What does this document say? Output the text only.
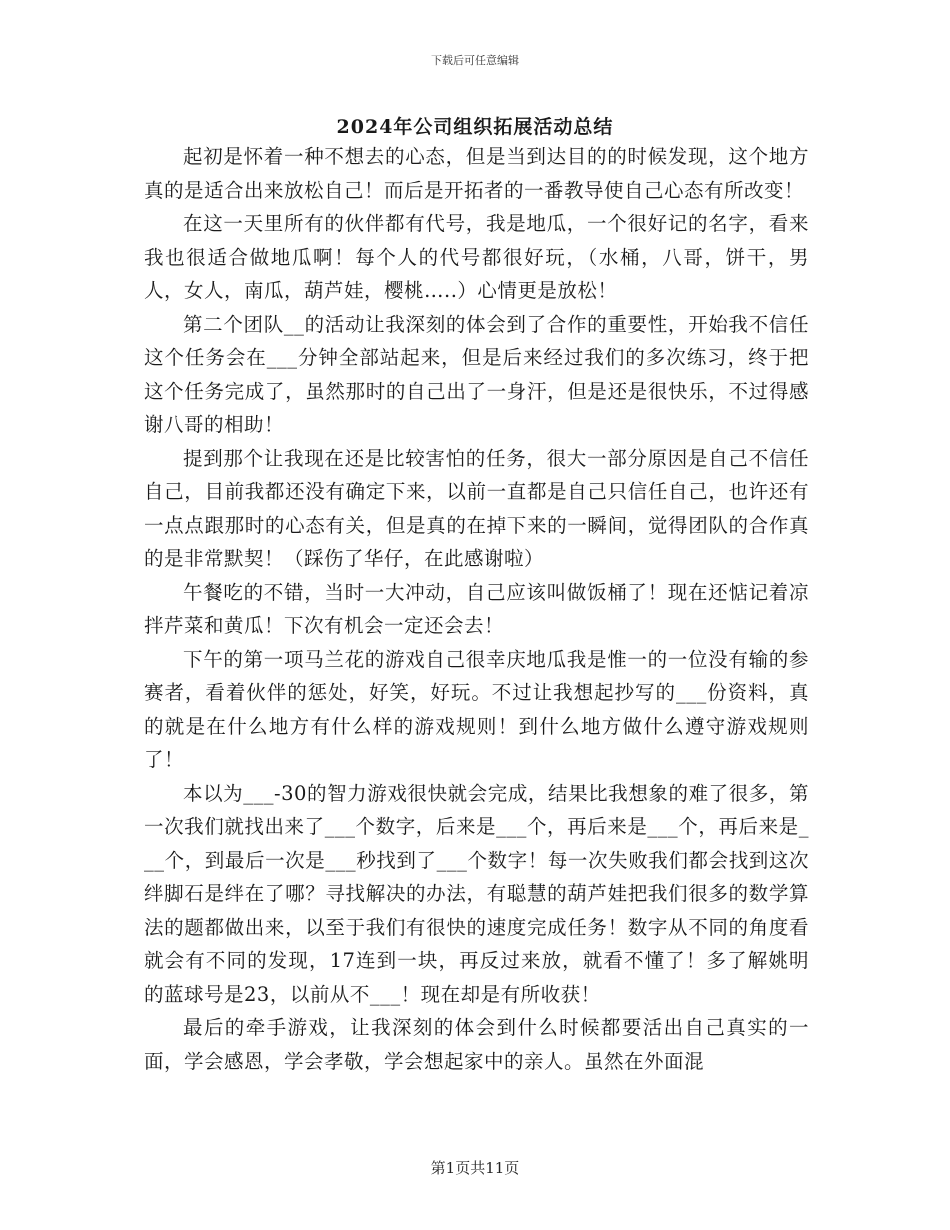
下载后可任意编辑
2024年公司组织拓展活动总结

起初是怀着一种不想去的心态，但是当到达目的的时候发现，这个地方真的是适合出来放松自己！而后是开拓者的一番教导使自己心态有所改变！

在这一天里所有的伙伴都有代号，我是地瓜，一个很好记的名字，看来我也很适合做地瓜啊！每个人的代号都很好玩，（水桶，八哥，饼干，男人，女人，南瓜，葫芦娃，樱桃…..）心情更是放松！

第二个团队__的活动让我深刻的体会到了合作的重要性，开始我不信任这个任务会在___分钟全部站起来，但是后来经过我们的多次练习，终于把这个任务完成了，虽然那时的自己出了一身汗，但是还是很快乐，不过得感谢八哥的相助！

提到那个让我现在还是比较害怕的任务，很大一部分原因是自己不信任自己，目前我都还没有确定下来，以前一直都是自己只信任自己，也许还有一点点跟那时的心态有关，但是真的在掉下来的一瞬间，觉得团队的合作真的是非常默契！（踩伤了华仔，在此感谢啦）

午餐吃的不错，当时一大冲动，自己应该叫做饭桶了！现在还惦记着凉拌芹菜和黄瓜！下次有机会一定还会去！

下午的第一项马兰花的游戏自己很幸庆地瓜我是惟一的一位没有输的参赛者，看着伙伴的惩处，好笑，好玩。不过让我想起抄写的___份资料，真的就是在什么地方有什么样的游戏规则！到什么地方做什么遵守游戏规则了！

本以为___-30的智力游戏很快就会完成，结果比我想象的难了很多，第一次我们就找出来了___个数字，后来是___个，再后来是___个，再后来是___个，到最后一次是___秒找到了___个数字！每一次失败我们都会找到这次绊脚石是绊在了哪？寻找解决的办法，有聪慧的葫芦娃把我们很多的数学算法的题都做出来，以至于我们有很快的速度完成任务！数字从不同的角度看就会有不同的发现，17连到一块，再反过来放，就看不懂了！多了解姚明的蓝球号是23，以前从不___！现在却是有所收获！

最后的牵手游戏，让我深刻的体会到什么时候都要活出自己真实的一面，学会感恩，学会孝敬，学会想起家中的亲人。虽然在外面混

第1页共11页
